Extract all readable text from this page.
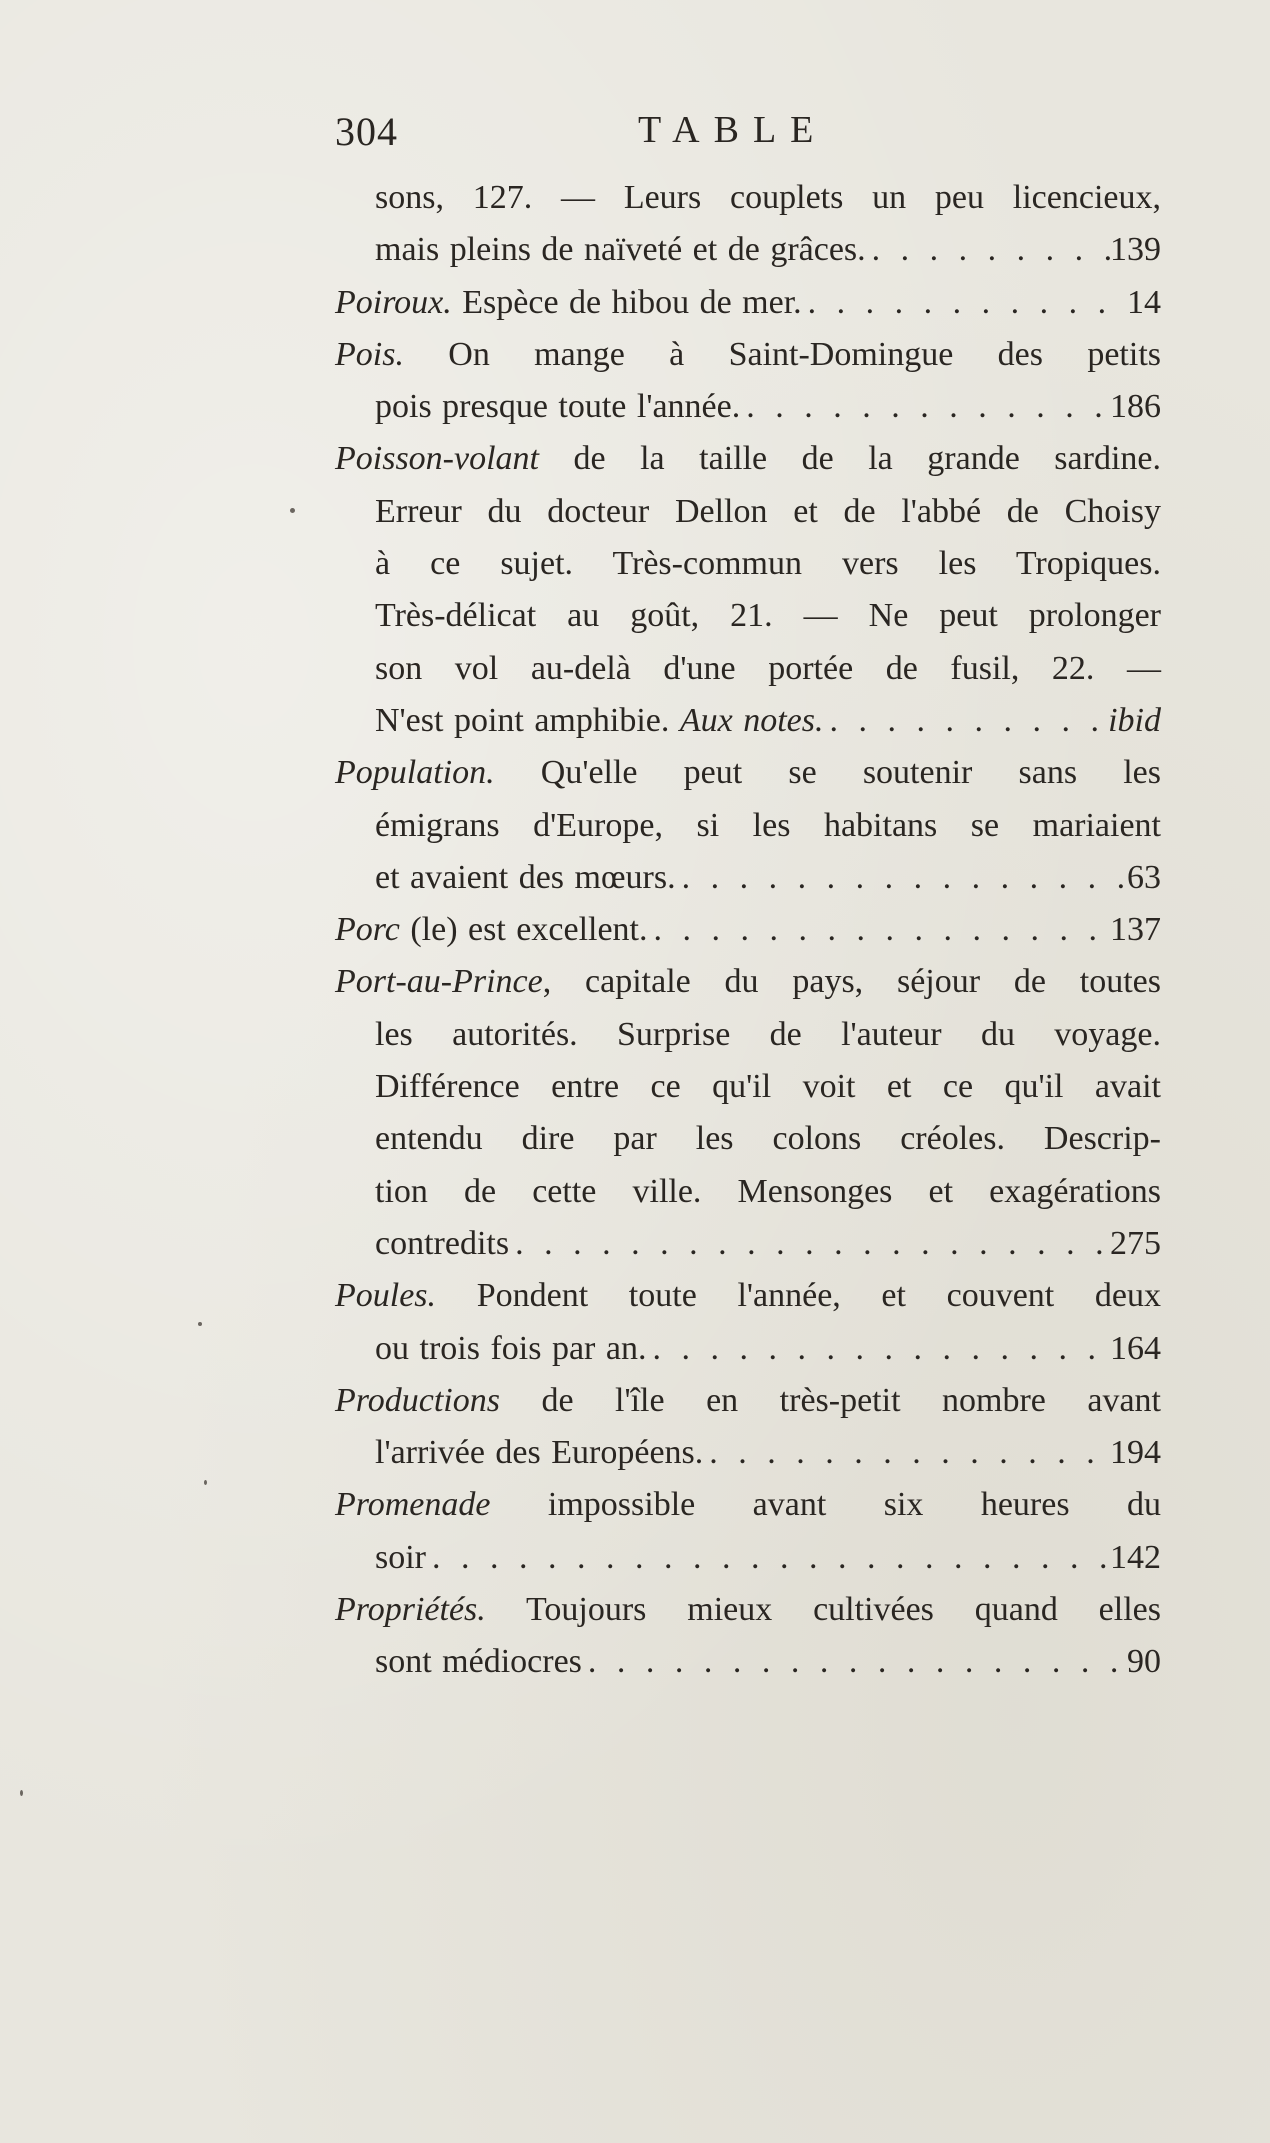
304	TABLE
sons, 127. — Leurs couplets un peu licencieux,
mais pleins de naïveté et de grâces. . . .	139
Poiroux. Espèce de hibou de mer. . . .	14
Pois. On mange à Saint-Domingue des petits
pois presque toute l'année. . . .	186
Poisson-volant de la taille de la grande sardine.
Erreur du docteur Dellon et de l'abbé de Choisy
à ce sujet. Très-commun vers les Tropiques.
Très-délicat au goût, 21. — Ne peut prolonger
son vol au-delà d'une portée de fusil, 22. —
N'est point amphibie. Aux notes. . . .	ibid
Population. Qu'elle peut se soutenir sans les
émigrans d'Europe, si les habitans se mariaient
et avaient des mœurs. . . .	63
Porc (le) est excellent. . . .	137
Port-au-Prince, capitale du pays, séjour de toutes
les autorités. Surprise de l'auteur du voyage.
Différence entre ce qu'il voit et ce qu'il avait
entendu dire par les colons créoles. Descrip-
tion de cette ville. Mensonges et exagérations
contredits . . .	275
Poules. Pondent toute l'année, et couvent deux
ou trois fois par an. . . .	164
Productions de l'île en très-petit nombre avant
l'arrivée des Européens. . . .	194
Promenade impossible avant six heures du
soir . . .	142
Propriétés. Toujours mieux cultivées quand elles
sont médiocres . . .	90
